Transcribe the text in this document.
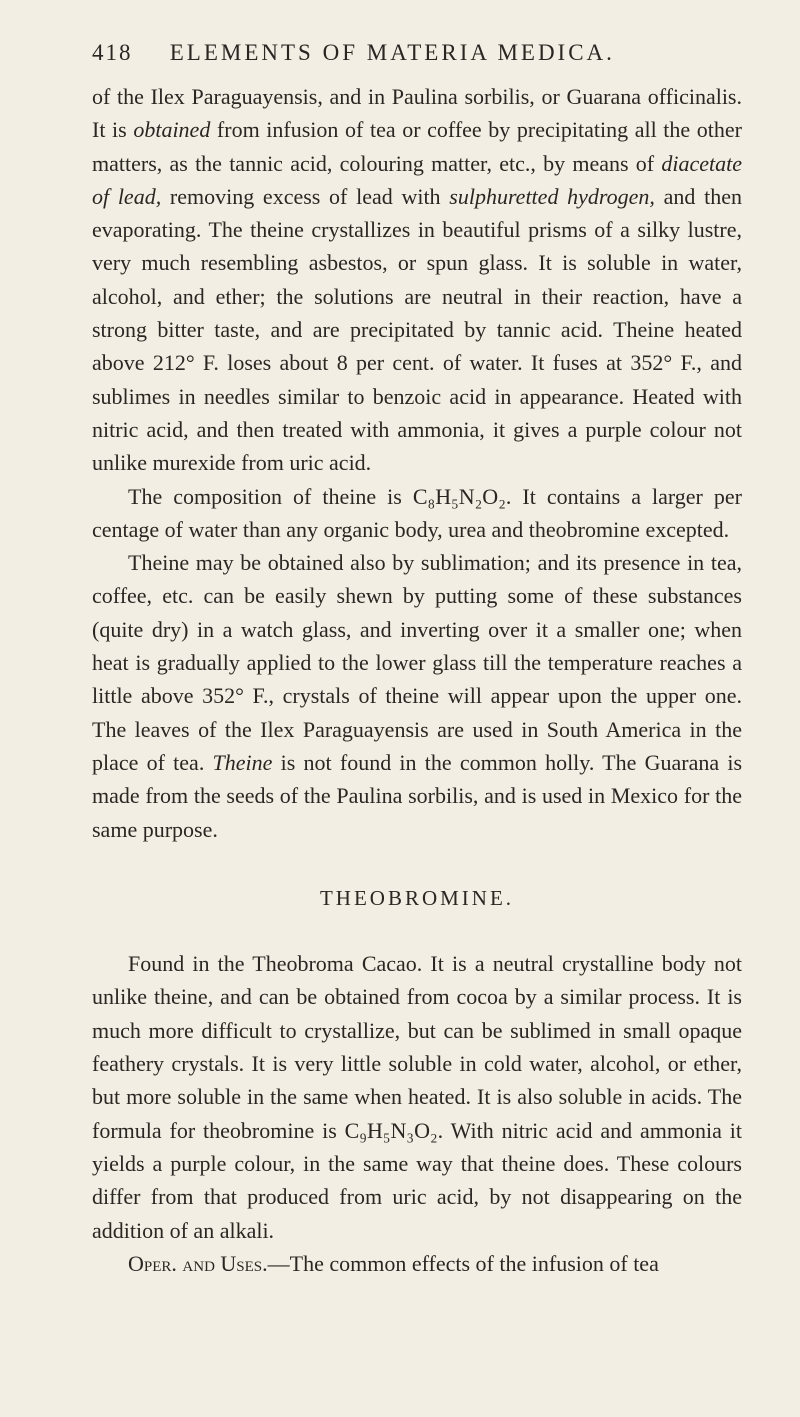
418 ELEMENTS OF MATERIA MEDICA.

of the Ilex Paraguayensis, and in Paulina sorbilis, or Guarana officinalis. It is obtained from infusion of tea or coffee by precipitating all the other matters, as the tannic acid, colouring matter, etc., by means of diacetate of lead, removing excess of lead with sulphuretted hydrogen, and then evaporating. The theine crystallizes in beautiful prisms of a silky lustre, very much resembling asbestos, or spun glass. It is soluble in water, alcohol, and ether; the solutions are neutral in their reaction, have a strong bitter taste, and are precipitated by tannic acid. Theine heated above 212° F. loses about 8 per cent. of water. It fuses at 352° F., and sublimes in needles similar to benzoic acid in appearance. Heated with nitric acid, and then treated with ammonia, it gives a purple colour not unlike murexide from uric acid.

The composition of theine is C₈H₅N₂O₂. It contains a larger per centage of water than any organic body, urea and theobromine excepted.

Theine may be obtained also by sublimation; and its presence in tea, coffee, etc. can be easily shewn by putting some of these substances (quite dry) in a watch glass, and inverting over it a smaller one; when heat is gradually applied to the lower glass till the temperature reaches a little above 352° F., crystals of theine will appear upon the upper one. The leaves of the Ilex Paraguayensis are used in South America in the place of tea. Theine is not found in the common holly. The Guarana is made from the seeds of the Paulina sorbilis, and is used in Mexico for the same purpose.

THEOBROMINE.

Found in the Theobroma Cacao. It is a neutral crystalline body not unlike theine, and can be obtained from cocoa by a similar process. It is much more difficult to crystallize, but can be sublimed in small opaque feathery crystals. It is very little soluble in cold water, alcohol, or ether, but more soluble in the same when heated. It is also soluble in acids. The formula for theobromine is C₉H₅N₃O₂. With nitric acid and ammonia it yields a purple colour, in the same way that theine does. These colours differ from that produced from uric acid, by not disappearing on the addition of an alkali.

Oper. and Uses.—The common effects of the infusion of tea
